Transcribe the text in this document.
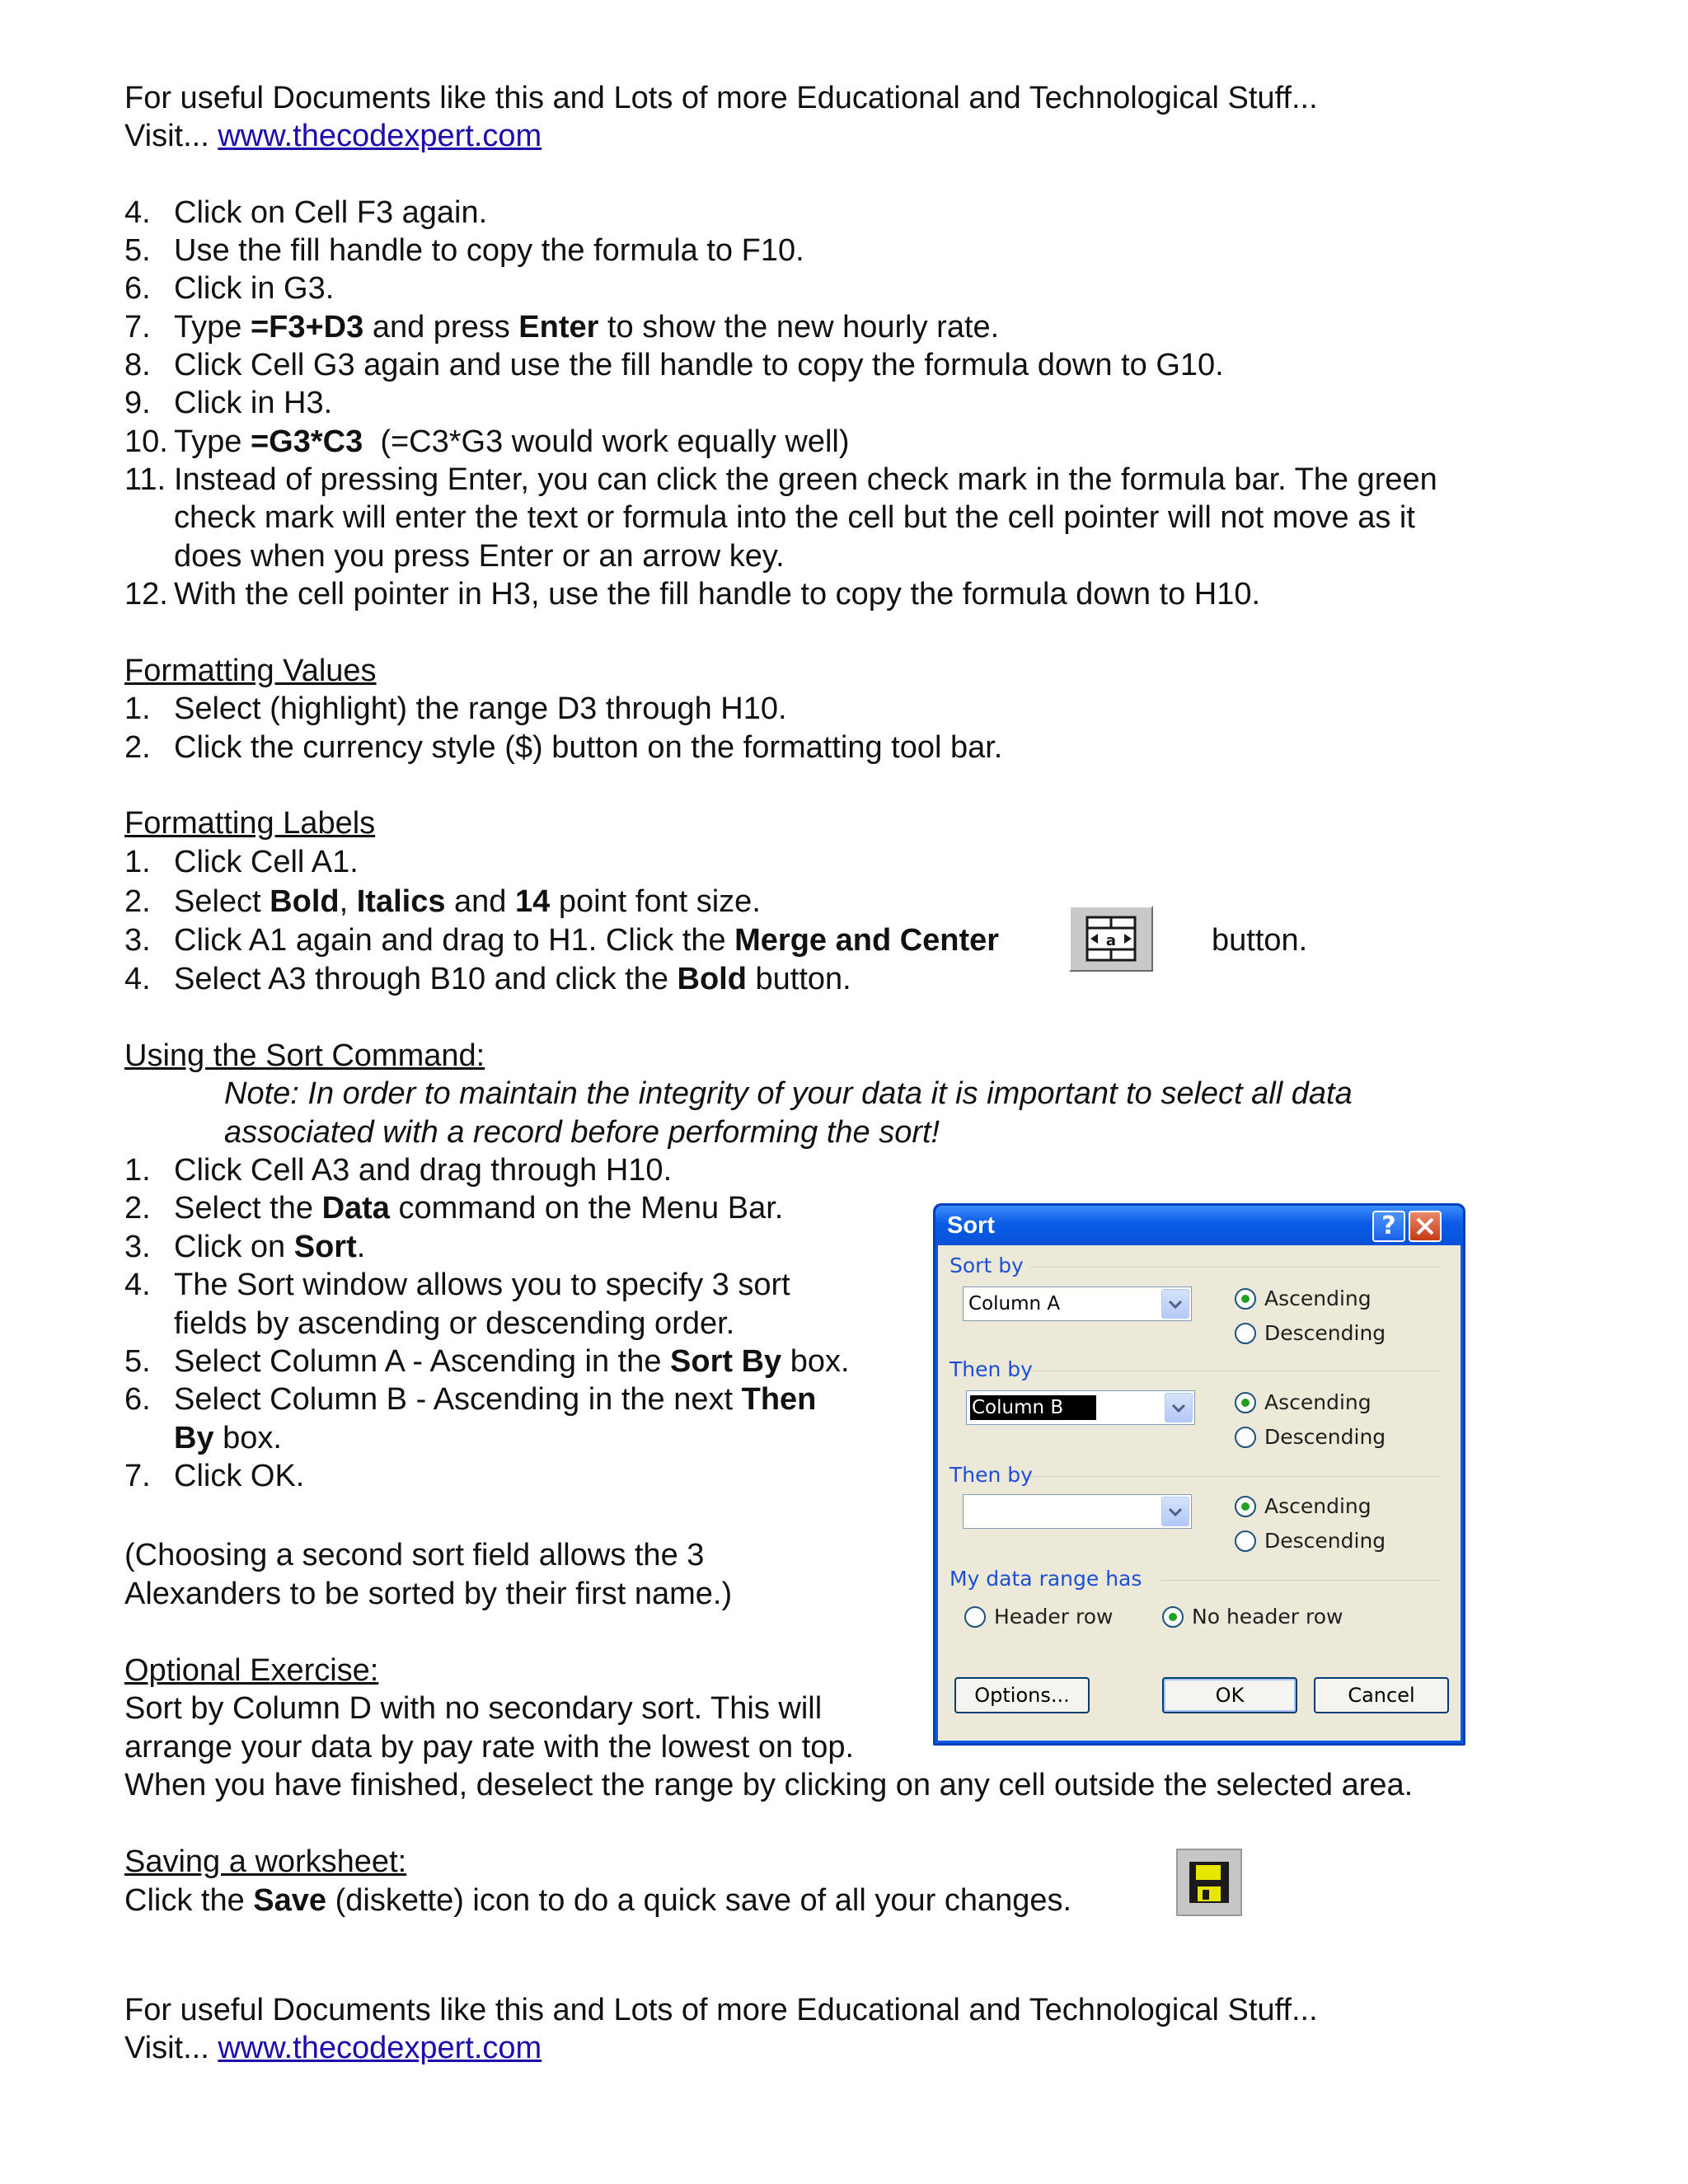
For useful Documents like this and Lots of more Educational and Technological Stuff...
Visit... www.thecodexpert.com
4. Click on Cell F3 again.
5. Use the fill handle to copy the formula to F10.
6. Click in G3.
7. Type =F3+D3 and press Enter to show the new hourly rate.
8. Click Cell G3 again and use the fill handle to copy the formula down to G10.
9. Click in H3.
10. Type =G3*C3  (=C3*G3 would work equally well)
11. Instead of pressing Enter, you can click the green check mark in the formula bar. The green
check mark will enter the text or formula into the cell but the cell pointer will not move as it
does when you press Enter or an arrow key.
12. With the cell pointer in H3, use the fill handle to copy the formula down to H10.
Formatting Values
1. Select (highlight) the range D3 through H10.
2. Click the currency style ($) button on the formatting tool bar.
Formatting Labels
1. Click Cell A1.
2. Select Bold, Italics and 14 point font size.
3. Click A1 again and drag to H1. Click the Merge and Center	a	button.
4. Select A3 through B10 and click the Bold button.
Using the Sort Command:
Note: In order to maintain the integrity of your data it is important to select all data
associated with a record before performing the sort!
1. Click Cell A3 and drag through H10.
2. Select the Data command on the Menu Bar.
3. Click on Sort.
4. The Sort window allows you to specify 3 sort
fields by ascending or descending order.
5. Select Column A - Ascending in the Sort By box.
6. Select Column B - Ascending in the next Then
By box.
7. Click OK.
(Choosing a second sort field allows the 3
Alexanders to be sorted by their first name.)
Sort	?
Sort by
Column A	Ascending
Descending
Then by
Column B	Ascending
Descending
Then by
Ascending
Descending
My data range has
Header row	No header row
Options...	OK	Cancel
Optional Exercise:
Sort by Column D with no secondary sort. This will
arrange your data by pay rate with the lowest on top.
When you have finished, deselect the range by clicking on any cell outside the selected area.
Saving a worksheet:
Click the Save (diskette) icon to do a quick save of all your changes.
For useful Documents like this and Lots of more Educational and Technological Stuff...
Visit... www.thecodexpert.com
